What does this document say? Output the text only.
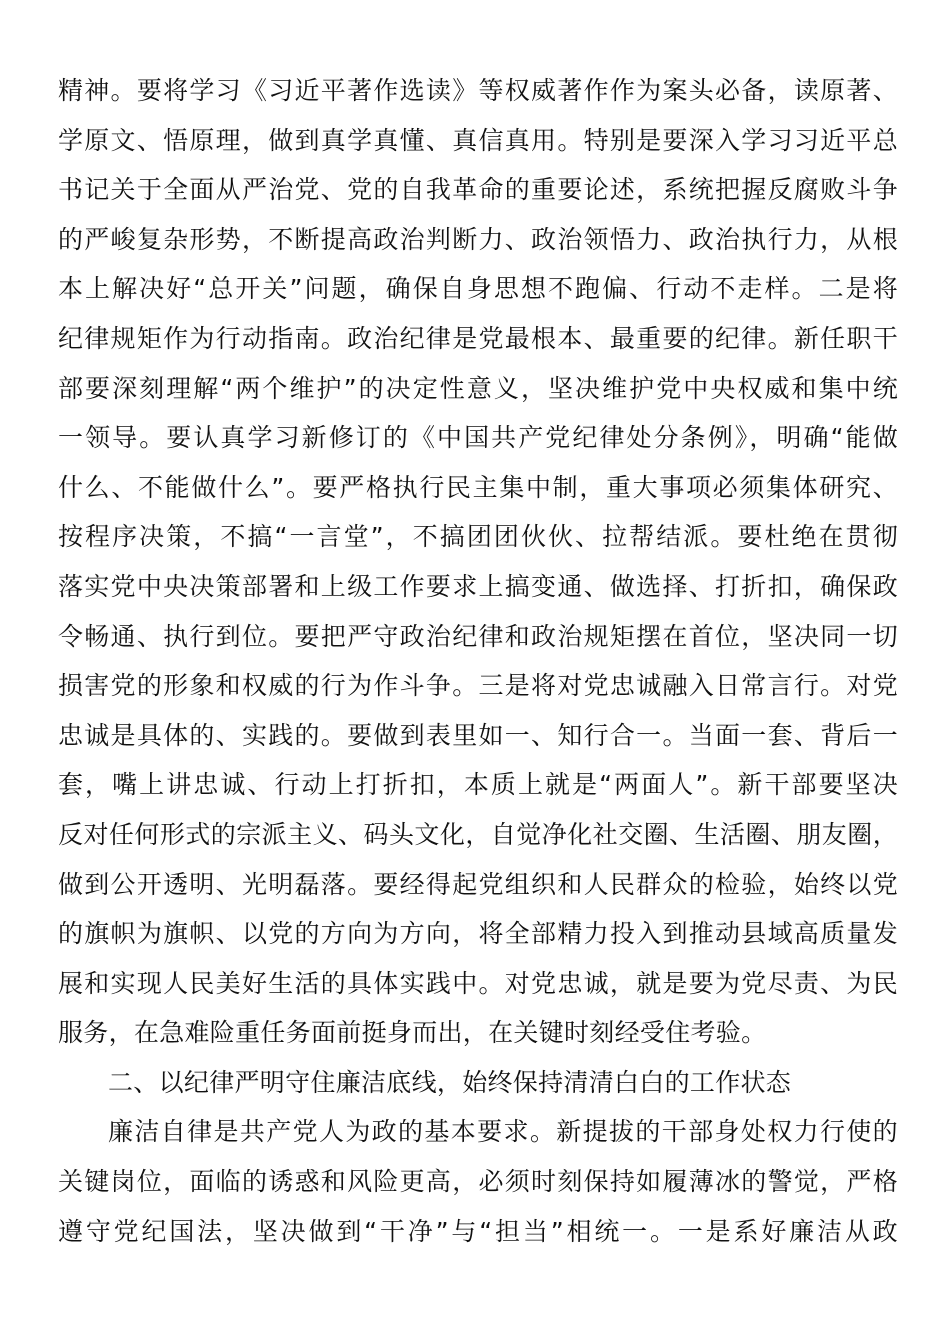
精神。要将学习《习近平著作选读》等权威著作作为案头必备，读原著、
学原文、悟原理，做到真学真懂、真信真用。特别是要深入学习习近平总
书记关于全面从严治党、党的自我革命的重要论述，系统把握反腐败斗争
的严峻复杂形势，不断提高政治判断力、政治领悟力、政治执行力，从根
本上解决好“总开关”问题，确保自身思想不跑偏、行动不走样。二是将
纪律规矩作为行动指南。政治纪律是党最根本、最重要的纪律。新任职干
部要深刻理解“两个维护”的决定性意义，坚决维护党中央权威和集中统
一领导。要认真学习新修订的《中国共产党纪律处分条例》，明确“能做
什么、不能做什么”。要严格执行民主集中制，重大事项必须集体研究、
按程序决策，不搞“一言堂”，不搞团团伙伙、拉帮结派。要杜绝在贯彻
落实党中央决策部署和上级工作要求上搞变通、做选择、打折扣，确保政
令畅通、执行到位。要把严守政治纪律和政治规矩摆在首位，坚决同一切
损害党的形象和权威的行为作斗争。三是将对党忠诚融入日常言行。对党
忠诚是具体的、实践的。要做到表里如一、知行合一。当面一套、背后一
套，嘴上讲忠诚、行动上打折扣，本质上就是“两面人”。新干部要坚决
反对任何形式的宗派主义、码头文化，自觉净化社交圈、生活圈、朋友圈，
做到公开透明、光明磊落。要经得起党组织和人民群众的检验，始终以党
的旗帜为旗帜、以党的方向为方向，将全部精力投入到推动县域高质量发
展和实现人民美好生活的具体实践中。对党忠诚，就是要为党尽责、为民
服务，在急难险重任务面前挺身而出，在关键时刻经受住考验。
二、以纪律严明守住廉洁底线，始终保持清清白白的工作状态
廉洁自律是共产党人为政的基本要求。新提拔的干部身处权力行使的
关键岗位，面临的诱惑和风险更高，必须时刻保持如履薄冰的警觉，严格
遵守党纪国法，坚决做到“干净”与“担当”相统一。一是系好廉洁从政
